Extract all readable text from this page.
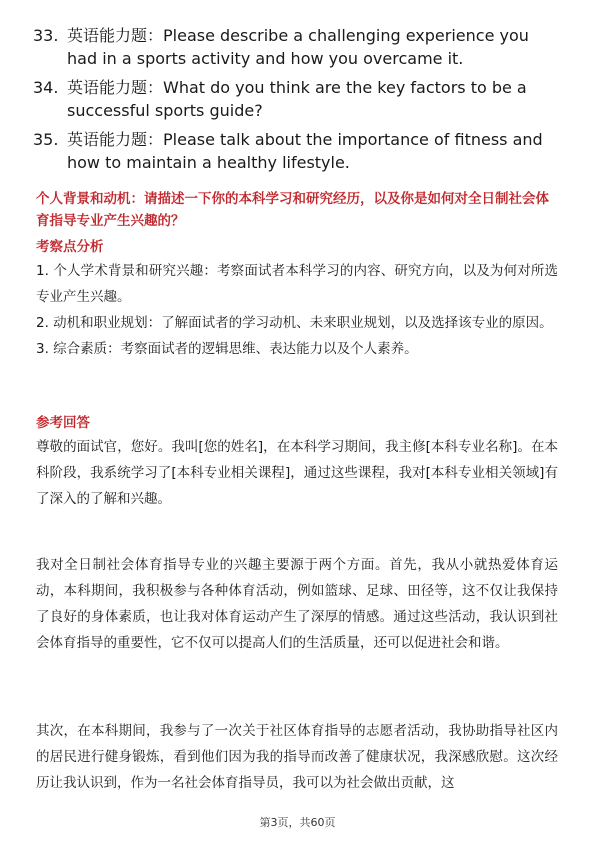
33. 英语能力题：Please describe a challenging experience you had in a sports activity and how you overcame it.
34. 英语能力题：What do you think are the key factors to be a successful sports guide?
35. 英语能力题：Please talk about the importance of fitness and how to maintain a healthy lifestyle.
个人背景和动机：请描述一下你的本科学习和研究经历，以及你是如何对全日制社会体育指导专业产生兴趣的？
考察点分析
1. 个人学术背景和研究兴趣：考察面试者本科学习的内容、研究方向，以及为何对所选专业产生兴趣。
2. 动机和职业规划：了解面试者的学习动机、未来职业规划，以及选择该专业的原因。
3. 综合素质：考察面试者的逻辑思维、表达能力以及个人素养。
参考回答
尊敬的面试官，您好。我叫[您的姓名]，在本科学习期间，我主修[本科专业名称]。在本科阶段，我系统学习了[本科专业相关课程]，通过这些课程，我对[本科专业相关领域]有了深入的了解和兴趣。
我对全日制社会体育指导专业的兴趣主要源于两个方面。首先，我从小就热爱体育运动，本科期间，我积极参与各种体育活动，例如篮球、足球、田径等，这不仅让我保持了良好的身体素质，也让我对体育运动产生了深厚的情感。通过这些活动，我认识到社会体育指导的重要性，它不仅可以提高人们的生活质量，还可以促进社会和谐。
其次，在本科期间，我参与了一次关于社区体育指导的志愿者活动，我协助指导社区内的居民进行健身锻炼，看到他们因为我的指导而改善了健康状况，我深感欣慰。这次经历让我认识到，作为一名社会体育指导员，我可以为社会做出贡献，这
第3页，共60页
